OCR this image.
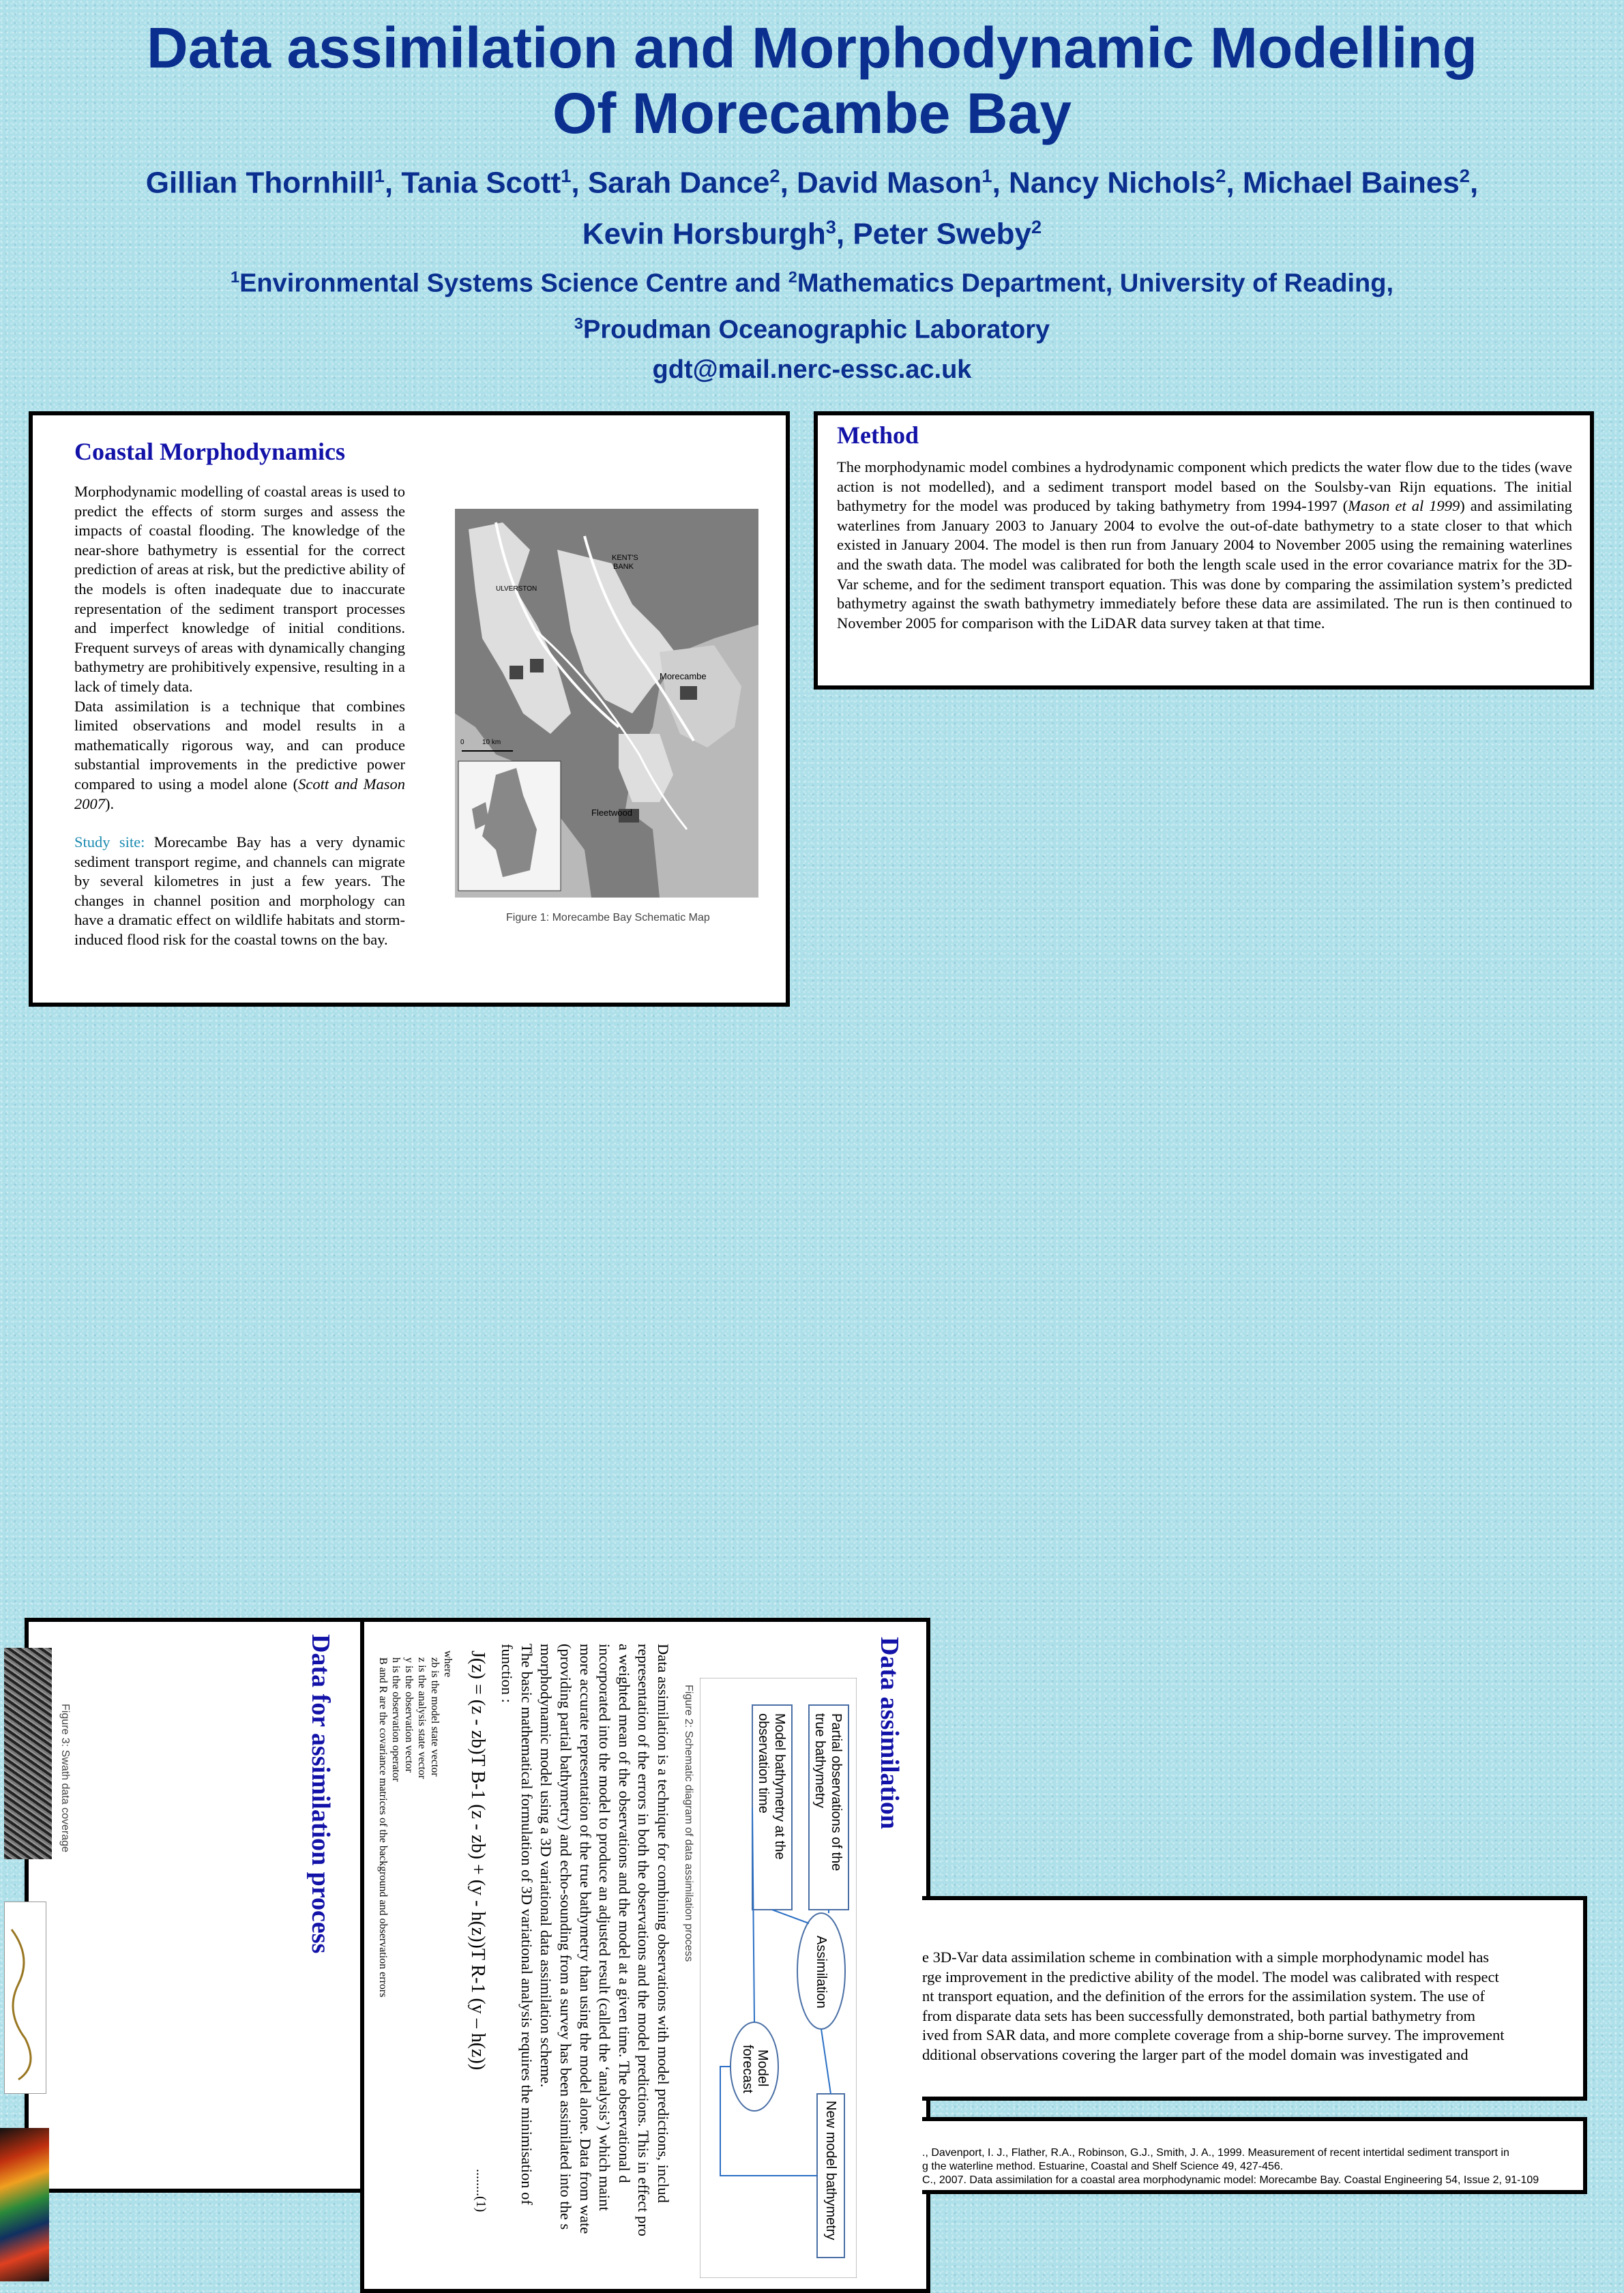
Data assimilation and Morphodynamic Modelling
Of Morecambe Bay
Gillian Thornhill$^1$, Tania Scott$^1$, Sarah Dance$^2$, David Mason$^1$, Nancy Nichols$^2$, Michael Baines$^2$,
Kevin Horsburgh$^3$, Peter Sweby$^2$
$^1$Environmental Systems Science Centre and $^2$Mathematics Department, University of Reading,
$^3$Proudman Oceanographic Laboratory
gdt@mail.nerc-essc.ac.uk
Coastal Morphodynamics
Morphodynamic modelling of coastal areas is used to predict the effects of storm surges and assess the impacts of coastal flooding. The knowledge of the near-shore bathymetry is essential for the correct prediction of areas at risk, but the predictive ability of the models is often inadequate due to inaccurate representation of the sediment transport processes and imperfect knowledge of initial conditions. Frequent surveys of areas with dynamically changing bathymetry are prohibitively expensive, resulting in a lack of timely data.
Data assimilation is a technique that combines limited observations and model results in a mathematically rigorous way, and can produce substantial improvements in the predictive power compared to using a model alone (Scott and Mason 2007).
Study site: Morecambe Bay has a very dynamic sediment transport regime, and channels can migrate by several kilometres in just a few years. The changes in channel position and morphology can have a dramatic effect on wildlife habitats and storm-induced flood risk for the coastal towns on the bay.
0	10 km
KENT'S
BANK
ULVERSTON
Morecambe
Fleetwood
Figure 1: Morecambe Bay Schematic Map
Method
The morphodynamic model combines a hydrodynamic component which predicts the water flow due to the tides (wave action is not modelled), and a sediment transport model based on the Soulsby-van Rijn equations. The initial bathymetry for the model was produced by taking bathymetry from 1994-1997 (Mason et al 1999) and assimilating waterlines from January 2003 to January 2004 to evolve the out-of-date bathymetry to a state closer to that which existed in January 2004. The model is then run from January 2004 to November 2005 using the remaining waterlines and the swath data. The model was calibrated for both the length scale used in the error covariance matrix for the 3D-Var scheme, and for the sediment transport equation. This was done by comparing the assimilation system’s predicted bathymetry against the swath bathymetry immediately before these data are assimilated. The run is then continued to November 2005 for comparison with the LiDAR data survey taken at that time.
Data for assimilation process
Figure 3: Swath data coverage	Data assimilation
Partial observations of the
true bathymetry
Model bathymetry at the
observation time
Assimilation
New model bathymetry
Model
forecast
Figure 2: Schematic diagram of data assimilation process
Data assimilation is a technique for combining observations with model predictions, includ
representation of the errors in both the observations and the model predictions. This in effect pro
a weighted mean of the observations and the model at a given time. The observational d
incorporated into the model to produce an adjusted result (called the ‘analysis’) which maint
more accurate representation of the true bathymetry than using the model alone. Data from wate
(providing partial bathymetry) and echo-sounding from a survey has been assimilated into the s
morphodynamic model using a 3D variational data assimilation scheme.
The basic mathematical formulation of 3D variational analysis requires the minimisation of
function :
J(z) = (z - zb)T B-1 (z - zb) + (y - h(z))T R-1 (y – h(z))
........(1)
where
zb is the model state vector
z is the analysis state vector
y is the observation vector
h is the observation operator
B and R are the covariance matrices of the background and observation errors	e 3D-Var data assimilation scheme in combination with a simple morphodynamic model has
rge improvement in the predictive ability of the model. The model was calibrated with respect
nt transport equation, and the definition of the errors for the assimilation system. The use of
from disparate data sets has been successfully demonstrated, both partial bathymetry from
ived from SAR data, and more complete coverage from a ship-borne survey. The improvement
dditional observations covering the larger part of the model domain was investigated and
., Davenport, I. J., Flather, R.A., Robinson, G.J., Smith, J. A., 1999. Measurement of recent intertidal sediment transport in
g the waterline method. Estuarine, Coastal and Shelf Science 49, 427-456.
C., 2007. Data assimilation for a coastal area morphodynamic model: Morecambe Bay. Coastal Engineering 54, Issue 2, 91-109
